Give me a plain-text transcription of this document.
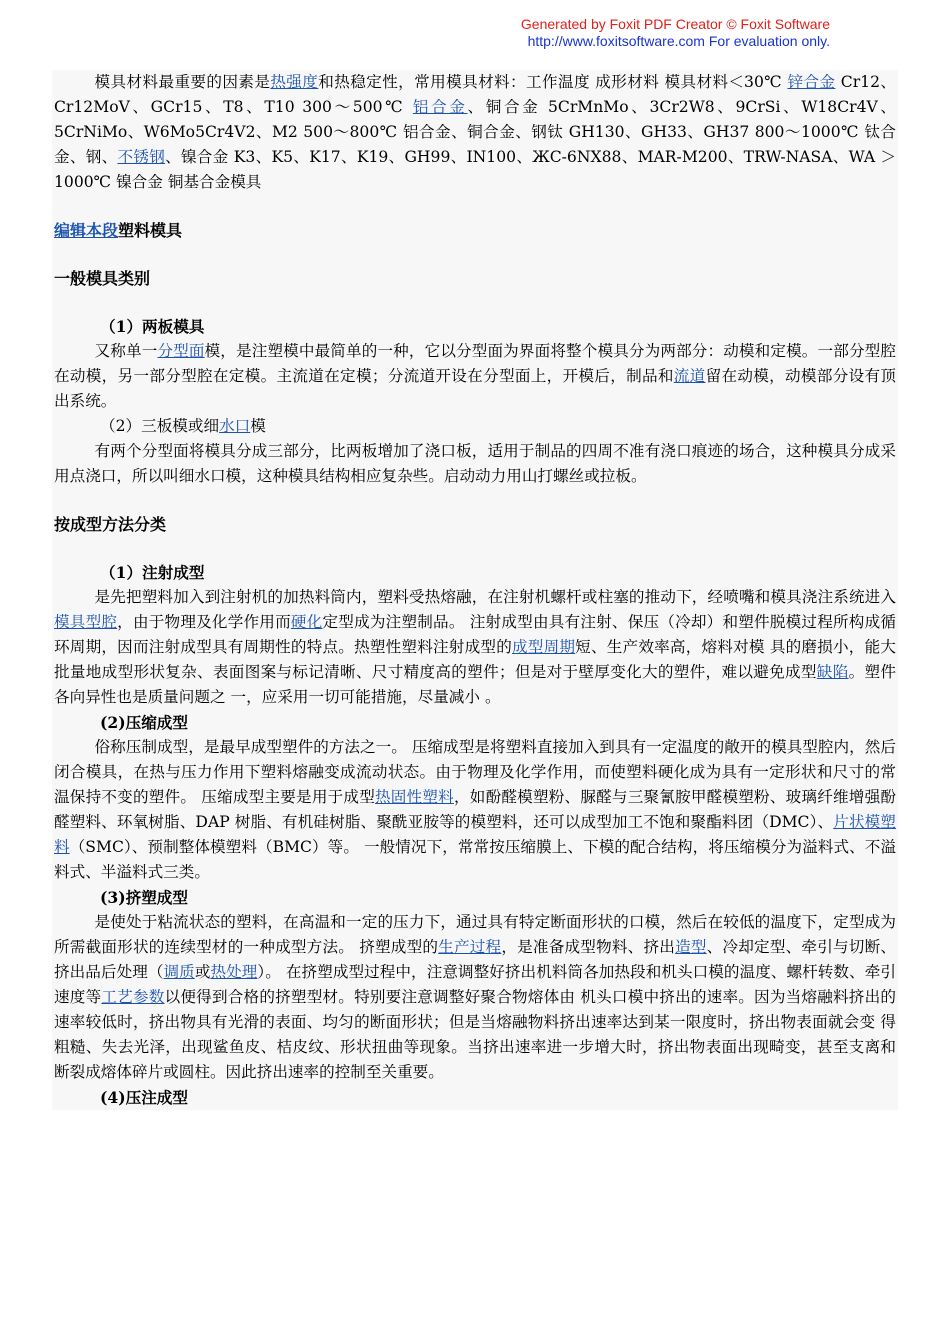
Generated by Foxit PDF Creator © Foxit Software
http://www.foxitsoftware.com For evaluation only.

模具材料最重要的因素是热强度和热稳定性，常用模具材料：工作温度 成形材料 模具材料＜30℃ 锌合金 Cr12、Cr12MoV、GCr15、T8、T10 300～500℃ 铝合金、铜合金 5CrMnMo、3Cr2W8、9CrSi、W18Cr4V、5CrNiMo、W6Mo5Cr4V2、M2 500～800℃ 铝合金、铜合金、钢钛 GH130、GH33、GH37 800～1000℃ 钛合金、钢、不锈钢、镍合金 K3、K5、K17、K19、GH99、IN100、ЖC-6NX88、MAR-M200、TRW-NASA、WA ＞1000℃ 镍合金 铜基合金模具

编辑本段塑料模具
一般模具类别
（1）两板模具

又称单一分型面模，是注塑模中最简单的一种，它以分型面为界面将整个模具分为两部分：动模和定模。一部分型腔在动模，另一部分型腔在定模。主流道在定模；分流道开设在分型面上，开模后，制品和流道留在动模，动模部分设有顶出系统。

（2）三板模或细水口模

有两个分型面将模具分成三部分，比两板增加了浇口板，适用于制品的四周不准有浇口痕迹的场合，这种模具分成采用点浇口，所以叫细水口模，这种模具结构相应复杂些。启动动力用山打螺丝或拉板。

按成型方法分类
（1）注射成型

是先把塑料加入到注射机的加热料筒内，塑料受热熔融，在注射机螺杆或柱塞的推动下，经喷嘴和模具浇注系统进入模具型腔，由于物理及化学作用而硬化定型成为注塑制品。 注射成型由具有注射、保压（冷却）和塑件脱模过程所构成循环周期，因而注射成型具有周期性的特点。热塑性塑料注射成型的成型周期短、生产效率高，熔料对模 具的磨损小，能大批量地成型形状复杂、表面图案与标记清晰、尺寸精度高的塑件；但是对于壁厚变化大的塑件，难以避免成型缺陷。塑件各向异性也是质量问题之 一，应采用一切可能措施，尽量减小 。

(2)压缩成型

俗称压制成型，是最早成型塑件的方法之一。 压缩成型是将塑料直接加入到具有一定温度的敞开的模具型腔内，然后闭合模具，在热与压力作用下塑料熔融变成流动状态。由于物理及化学作用，而使塑料硬化成为具有一定形状和尺寸的常温保持不变的塑件。 压缩成型主要是用于成型热固性塑料，如酚醛模塑粉、脲醛与三聚氰胺甲醛模塑粉、玻璃纤维增强酚醛塑料、环氧树脂、DAP 树脂、有机硅树脂、聚酰亚胺等的模塑料，还可以成型加工不饱和聚酯料团（DMC）、片状模塑料（SMC）、预制整体模塑料（BMC）等。 一般情况下，常常按压缩膜上、下模的配合结构，将压缩模分为溢料式、不溢料式、半溢料式三类。

(3)挤塑成型

是使处于粘流状态的塑料，在高温和一定的压力下，通过具有特定断面形状的口模，然后在较低的温度下，定型成为所需截面形状的连续型材的一种成型方法。 挤塑成型的生产过程，是准备成型物料、挤出造型、冷却定型、牵引与切断、挤出品后处理（调质或热处理）。 在挤塑成型过程中，注意调整好挤出机料筒各加热段和机头口模的温度、螺杆转数、牵引速度等工艺参数以便得到合格的挤塑型材。特别要注意调整好聚合物熔体由 机头口模中挤出的速率。因为当熔融料挤出的速率较低时，挤出物具有光滑的表面、均匀的断面形状；但是当熔融物料挤出速率达到某一限度时，挤出物表面就会变 得粗糙、失去光泽，出现鲨鱼皮、桔皮纹、形状扭曲等现象。当挤出速率进一步增大时，挤出物表面出现畸变，甚至支离和断裂成熔体碎片或圆柱。因此挤出速率的控制至关重要。

(4)压注成型
